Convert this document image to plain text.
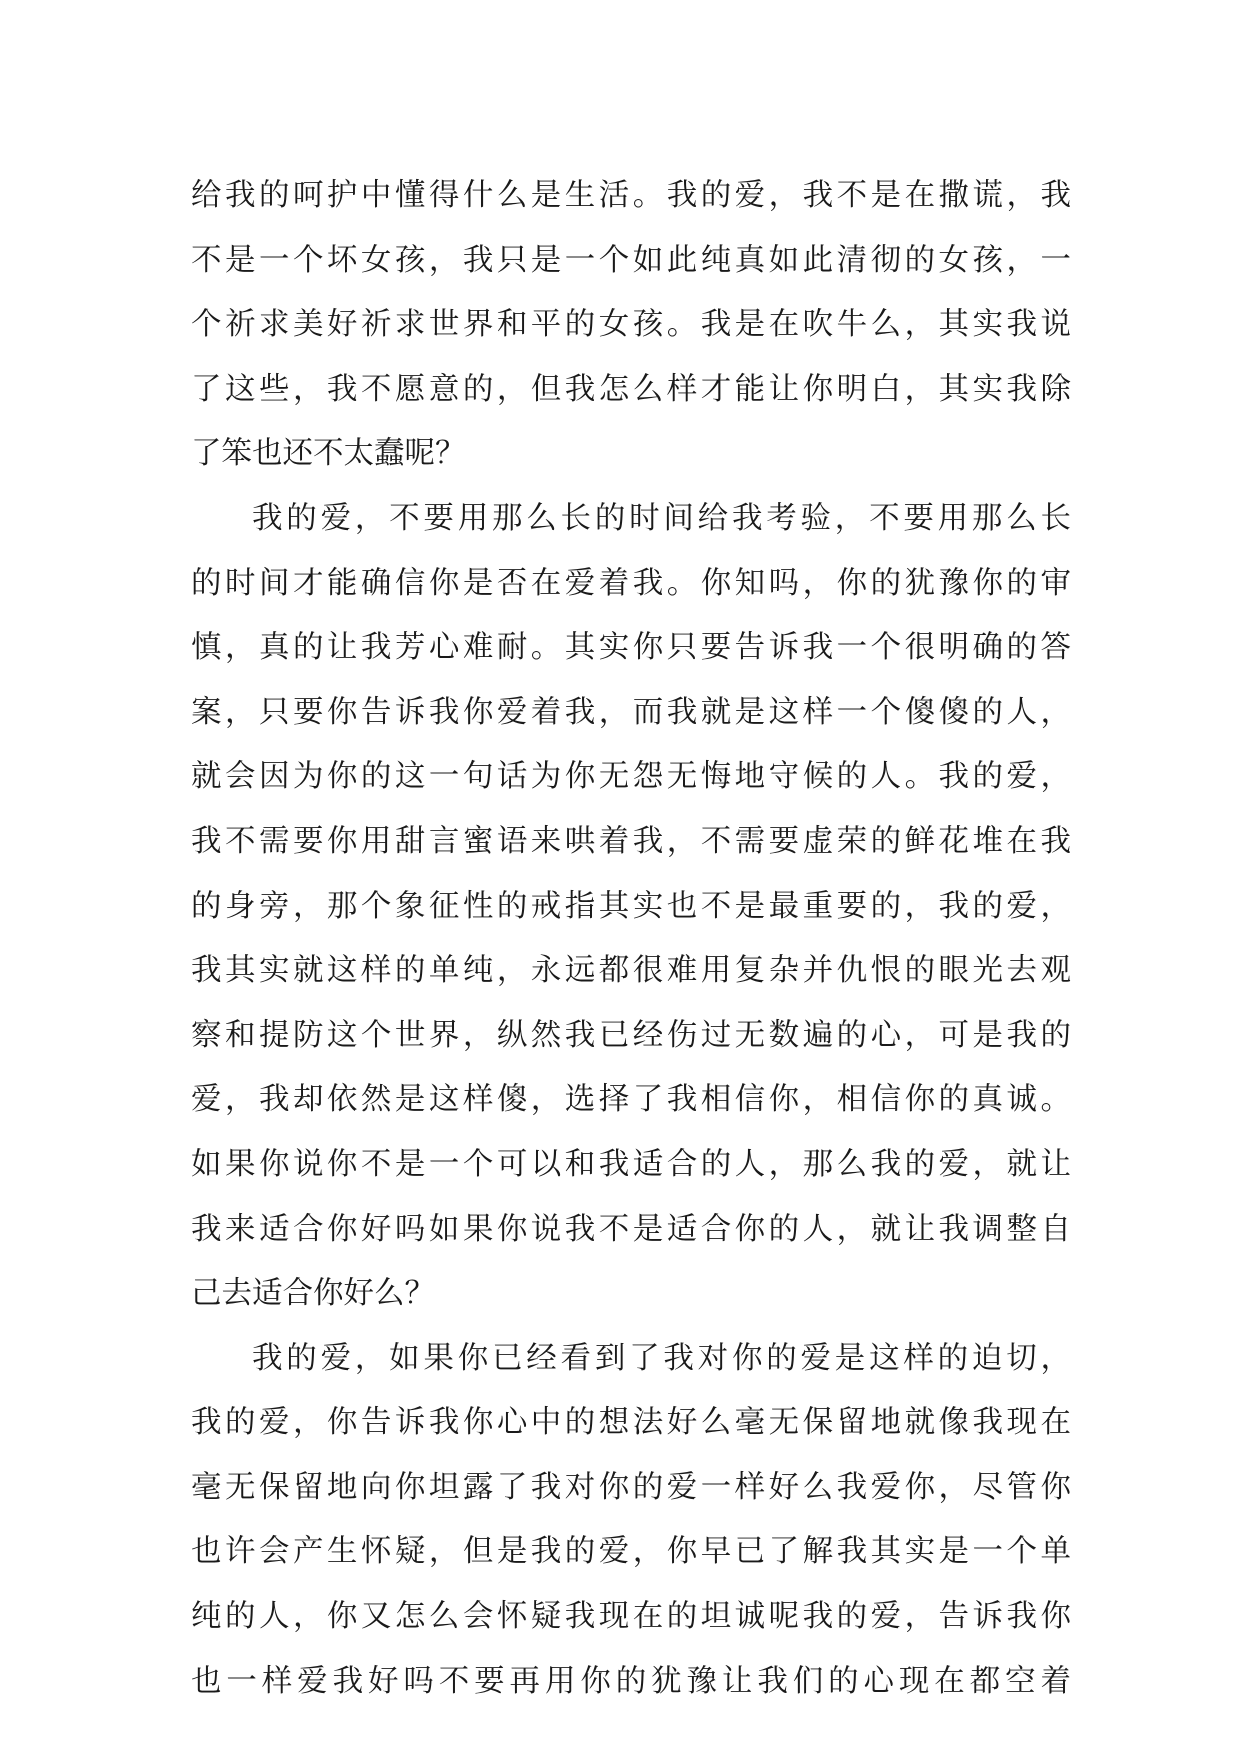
给我的呵护中懂得什么是生活。我的爱，我不是在撒谎，我
不是一个坏女孩，我只是一个如此纯真如此清彻的女孩，一
个祈求美好祈求世界和平的女孩。我是在吹牛么，其实我说
了这些，我不愿意的，但我怎么样才能让你明白，其实我除
了笨也还不太蠢呢？
我的爱，不要用那么长的时间给我考验，不要用那么长
的时间才能确信你是否在爱着我。你知吗，你的犹豫你的审
慎，真的让我芳心难耐。其实你只要告诉我一个很明确的答
案，只要你告诉我你爱着我，而我就是这样一个傻傻的人，
就会因为你的这一句话为你无怨无悔地守候的人。我的爱，
我不需要你用甜言蜜语来哄着我，不需要虚荣的鲜花堆在我
的身旁，那个象征性的戒指其实也不是最重要的，我的爱，
我其实就这样的单纯，永远都很难用复杂并仇恨的眼光去观
察和提防这个世界，纵然我已经伤过无数遍的心，可是我的
爱，我却依然是这样傻，选择了我相信你，相信你的真诚。
如果你说你不是一个可以和我适合的人，那么我的爱，就让
我来适合你好吗如果你说我不是适合你的人，就让我调整自
己去适合你好么？
我的爱，如果你已经看到了我对你的爱是这样的迫切，
我的爱，你告诉我你心中的想法好么毫无保留地就像我现在
毫无保留地向你坦露了我对你的爱一样好么我爱你，尽管你
也许会产生怀疑，但是我的爱，你早已了解我其实是一个单
纯的人，你又怎么会怀疑我现在的坦诚呢我的爱，告诉我你
也一样爱我好吗不要再用你的犹豫让我们的心现在都空着
